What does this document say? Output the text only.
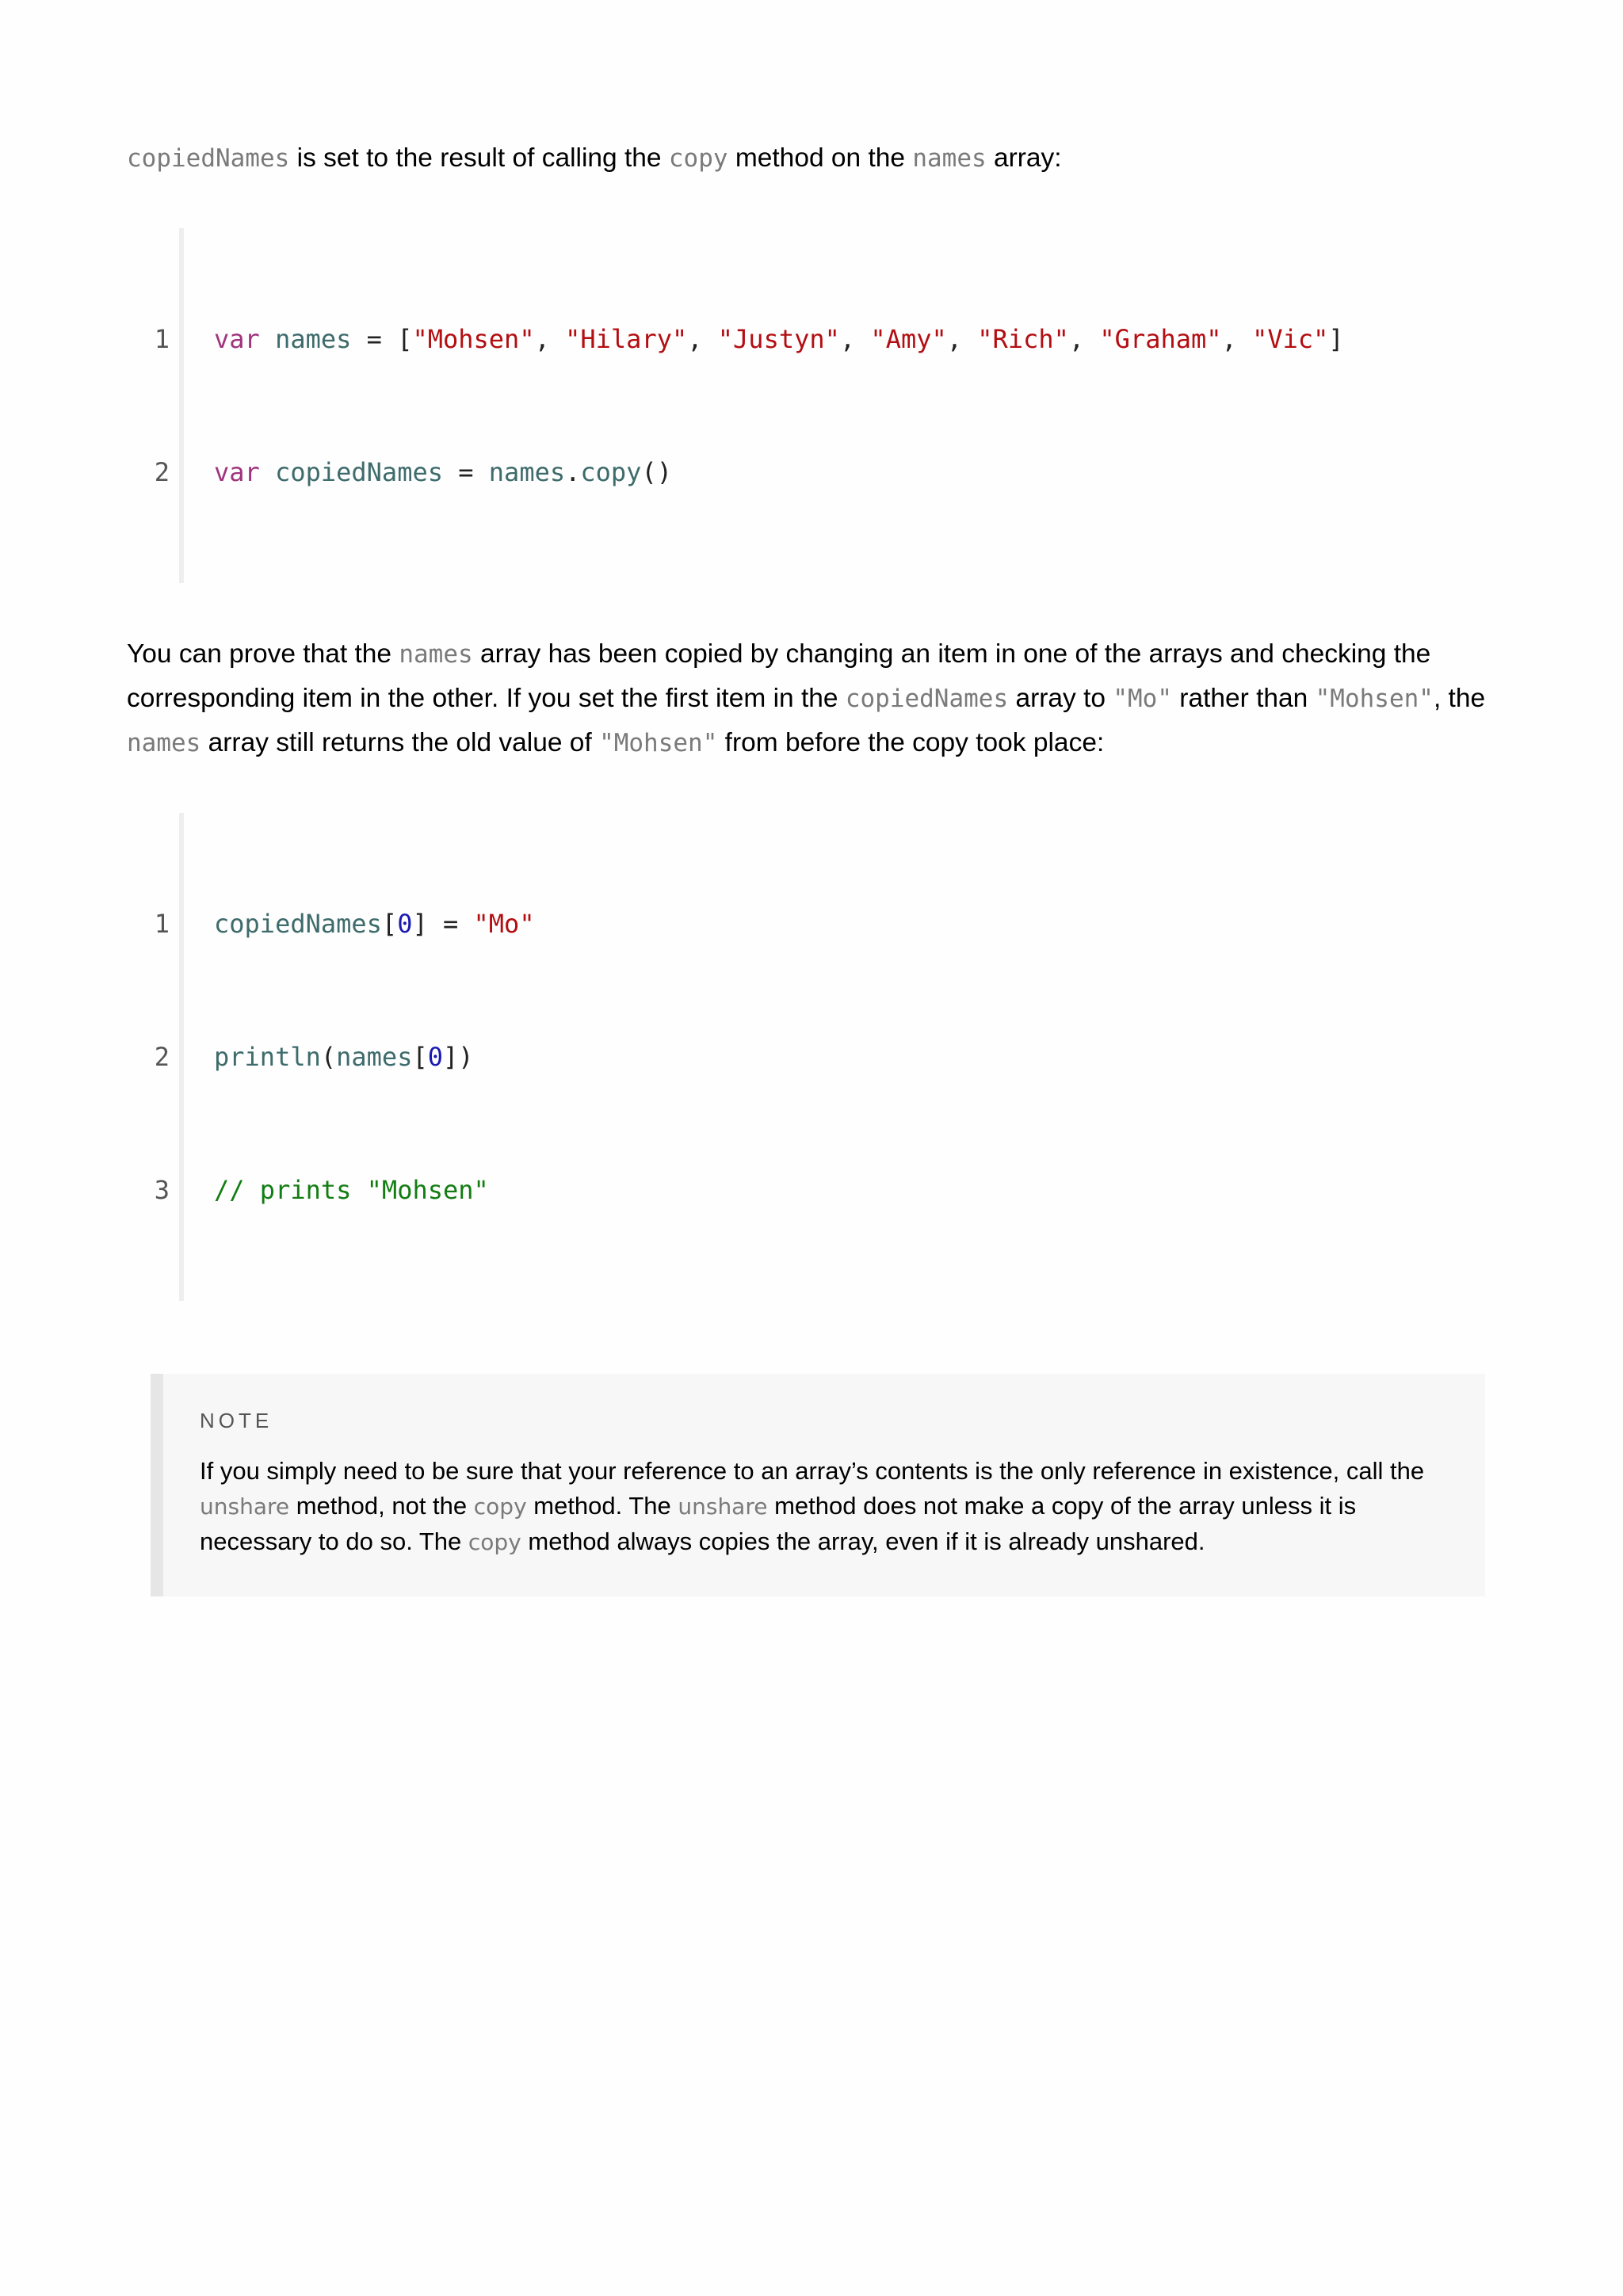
copiedNames is set to the result of calling the copy method on the names array:

1

2

var names = ["Mohsen", "Hilary", "Justyn", "Amy", "Rich", "Graham", "Vic"]

var copiedNames = names.copy()

You can prove that the names array has been copied by changing an item in one of the arrays and checking the corresponding item in the other. If you set the first item in the copiedNames array to "Mo" rather than "Mohsen", the names array still returns the old value of "Mohsen" from before the copy took place:

1

2

3

copiedNames[0] = "Mo"

println(names[0])

// prints "Mohsen"

NOTE

If you simply need to be sure that your reference to an array’s contents is the only reference in existence, call the unshare method, not the copy method. The unshare method does not make a copy of the array unless it is necessary to do so. The copy method always copies the array, even if it is already unshared.
